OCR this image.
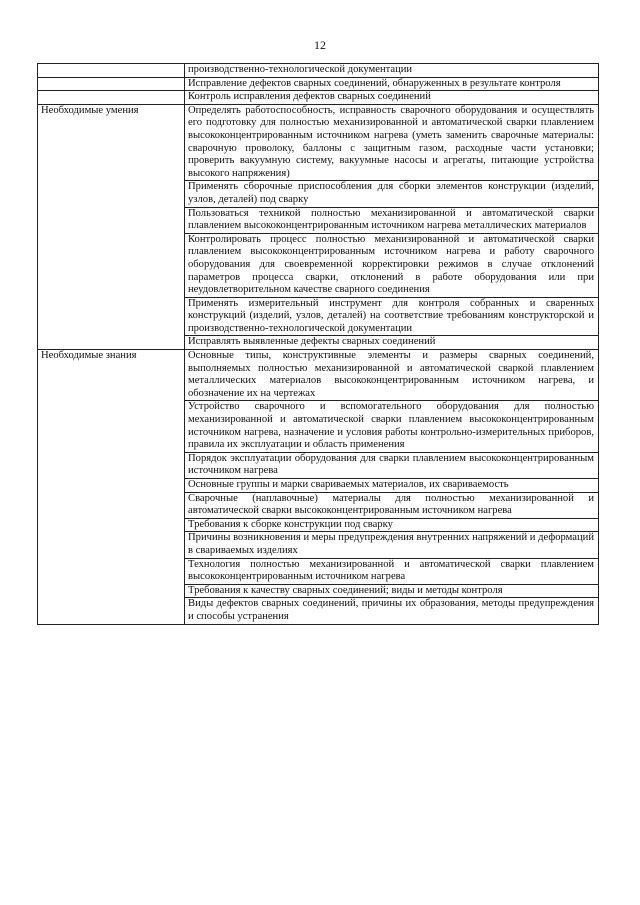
12
	производственно-технологической документации
	Исправление дефектов сварных соединений, обнаруженных в результате контроля
	Контроль исправления дефектов сварных соединений
Необходимые умения	Определять работоспособность, исправность сварочного оборудования и осуществлять его подготовку для полностью механизированной и автоматической сварки плавлением высококонцентрированным источником нагрева (уметь заменить сварочные материалы: сварочную проволоку, баллоны с защитным газом, расходные части установки; проверить вакуумную систему, вакуумные насосы и агрегаты, питающие устройства высокого напряжения)
	Применять сборочные приспособления для сборки элементов конструкции (изделий, узлов, деталей) под сварку
	Пользоваться техникой полностью механизированной и автоматической сварки плавлением высококонцентрированным источником нагрева металлических материалов
	Контролировать процесс полностью механизированной и автоматической сварки плавлением высококонцентрированным источником нагрева и работу сварочного оборудования для своевременной корректировки режимов в случае отклонений параметров процесса сварки, отклонений в работе оборудования или при неудовлетворительном качестве сварного соединения
	Применять измерительный инструмент для контроля собранных и сваренных конструкций (изделий, узлов, деталей) на соответствие требованиям конструкторской и производственно-технологической документации
	Исправлять выявленные дефекты сварных соединений
Необходимые знания	Основные типы, конструктивные элементы и размеры сварных соединений, выполняемых полностью механизированной и автоматической сваркой плавлением металлических материалов высококонцентрированным источником нагрева, и обозначение их на чертежах
	Устройство сварочного и вспомогательного оборудования для полностью механизированной и автоматической сварки плавлением высококонцентрированным источником нагрева, назначение и условия работы контрольно-измерительных приборов, правила их эксплуатации и область применения
	Порядок эксплуатации оборудования для сварки плавлением высококонцентрированным источником нагрева
	Основные группы и марки свариваемых материалов, их свариваемость
	Сварочные (наплавочные) материалы для полностью механизированной и автоматической сварки высококонцентрированным источником нагрева
	Требования к сборке конструкции под сварку
	Причины возникновения и меры предупреждения внутренних напряжений и деформаций в свариваемых изделиях
	Технология полностью механизированной и автоматической сварки плавлением высококонцентрированным источником нагрева
	Требования к качеству сварных соединений; виды и методы контроля
	Виды дефектов сварных соединений, причины их образования, методы предупреждения и способы устранения
